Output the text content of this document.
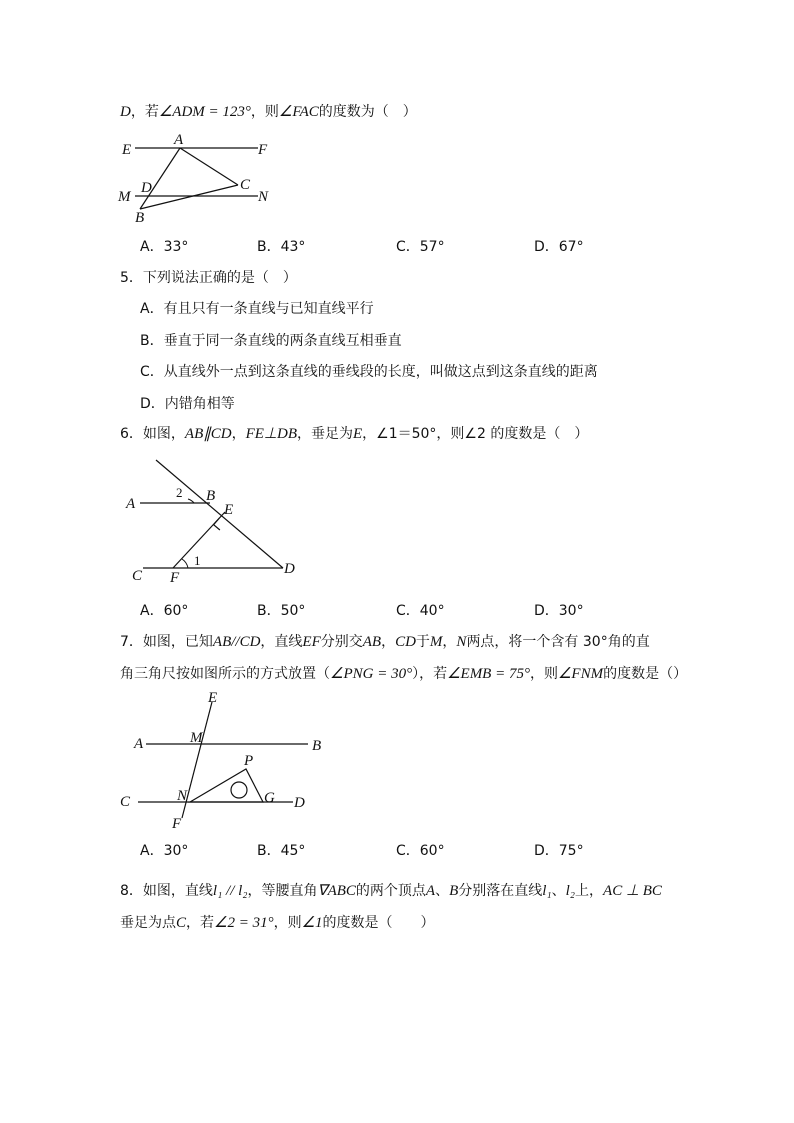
D，若∠ADM = 123°，则∠FAC的度数为（　）
E
A
F
M
D	C
N
B
A．33°	B．43°	C．57°	D．67°
5．下列说法正确的是（　）
A．有且只有一条直线与已知直线平行
B．垂直于同一条直线的两条直线互相垂直
C．从直线外一点到这条直线的垂线段的长度，叫做这点到这条直线的距离
D．内错角相等
6．如图，AB∥CD，FE⊥DB，垂足为E，∠1＝50°，则∠2 的度数是（　）
A
2 B
E
1
C F
D
A．60°	B．50°	C．40°	D．30°
7．如图，已知AB//CD，直线EF分别交AB，CD于M，N两点，将一个含有 30°角的直
角三角尺按如图所示的方式放置（∠PNG = 30°），若∠EMB = 75°，则∠FNM的度数是（）
E
A	M	B
P
C	N	G D
F
A．30°	B．45°	C．60°	D．75°
8．如图，直线l₁ // l₂，等腰直角∇ABC的两个顶点A、B分别落在直线l₁、l₂上，AC ⊥ BC
垂足为点C，若∠2 = 31°，则∠1的度数是（　　）
